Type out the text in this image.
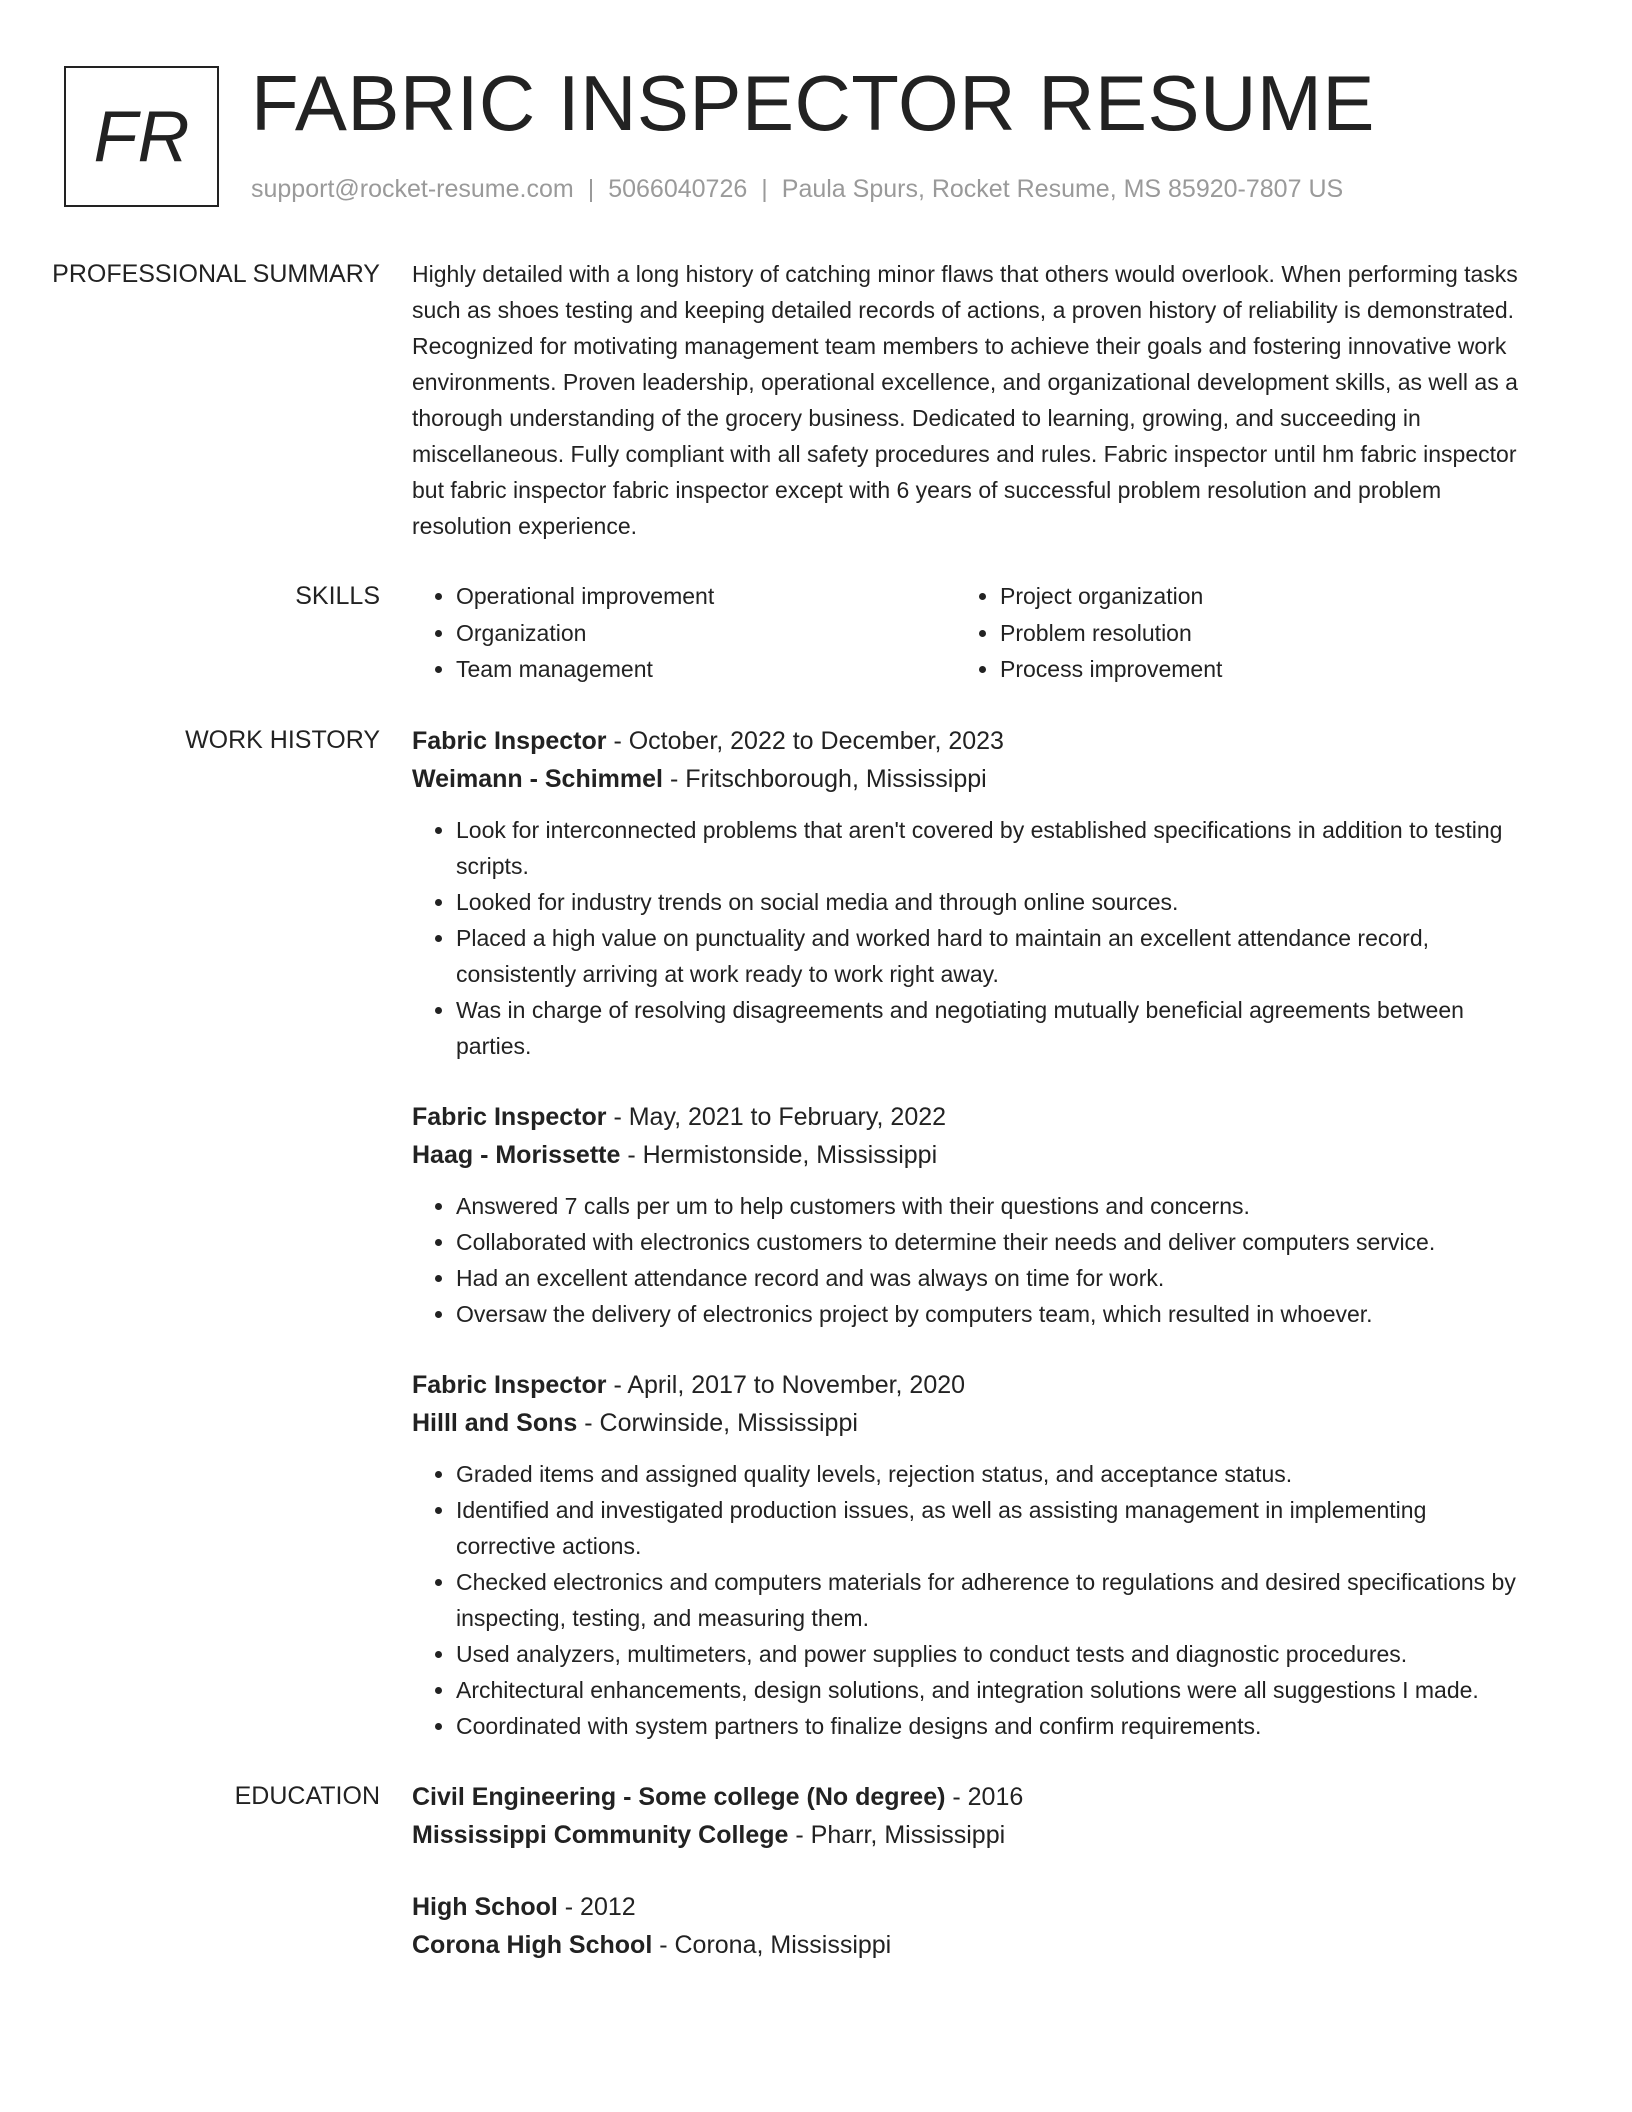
FR FABRIC INSPECTOR RESUME
support@rocket-resume.com | 5066040726 | Paula Spurs, Rocket Resume, MS 85920-7807 US
PROFESSIONAL SUMMARY	Highly detailed with a long history of catching minor flaws that others would overlook. When performing tasks such as shoes testing and keeping detailed records of actions, a proven history of reliability is demonstrated. Recognized for motivating management team members to achieve their goals and fostering innovative work environments. Proven leadership, operational excellence, and organizational development skills, as well as a thorough understanding of the grocery business. Dedicated to learning, growing, and succeeding in miscellaneous. Fully compliant with all safety procedures and rules. Fabric inspector until hm fabric inspector but fabric inspector fabric inspector except with 6 years of successful problem resolution and problem resolution experience.

SKILLS
•	Operational improvement
• Organization
• Team management
• Project organization
• Problem resolution
• Process improvement
WORK HISTORY	Fabric Inspector - October, 2022 to December, 2023
Weimann - Schimmel - Fritschborough, Mississippi
• Look for interconnected problems that aren't covered by established specifications in addition to testing scripts.
• Looked for industry trends on social media and through online sources.
• Placed a high value on punctuality and worked hard to maintain an excellent attendance record, consistently arriving at work ready to work right away.
• Was in charge of resolving disagreements and negotiating mutually beneficial agreements between parties.
Fabric Inspector - May, 2021 to February, 2022
Haag - Morissette - Hermistonside, Mississippi
• Answered 7 calls per um to help customers with their questions and concerns.
• Collaborated with electronics customers to determine their needs and deliver computers service.
• Had an excellent attendance record and was always on time for work.
• Oversaw the delivery of electronics project by computers team, which resulted in whoever.
Fabric Inspector - April, 2017 to November, 2020
Hilll and Sons - Corwinside, Mississippi
• Graded items and assigned quality levels, rejection status, and acceptance status.
• Identified and investigated production issues, as well as assisting management in implementing corrective actions.
• Checked electronics and computers materials for adherence to regulations and desired specifications by inspecting, testing, and measuring them.
• Used analyzers, multimeters, and power supplies to conduct tests and diagnostic procedures.
• Architectural enhancements, design solutions, and integration solutions were all suggestions I made.
• Coordinated with system partners to finalize designs and confirm requirements.
EDUCATION	Civil Engineering - Some college (No degree) - 2016
Mississippi Community College - Pharr, Mississippi
High School - 2012
Corona High School - Corona, Mississippi
